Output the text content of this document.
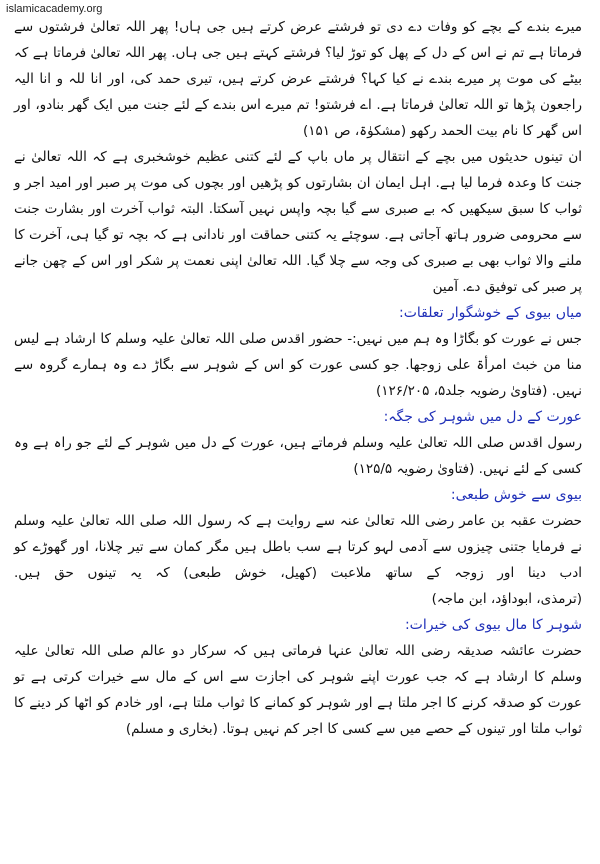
islamicacademy.org

میرے بندے کے بچے کو وفات دے دی تو فرشتے عرض کرتے ہیں جی ہاں! پھر اللہ تعالیٰ فرشتوں سے فرماتا ہے تم نے اس کے دل کے پھل کو توڑ لیا؟ فرشتے کہتے ہیں جی ہاں. پھر اللہ تعالیٰ فرماتا ہے کہ بیٹے کی موت پر میرے بندے نے کیا کہا؟ فرشتے عرض کرتے ہیں، تیری حمد کی، اور انا للہ و انا الیہ راجعون پڑھا تو اللہ تعالیٰ فرماتا ہے. اے فرشتو! تم میرے اس بندے کے لئے جنت میں ایک گھر بنادو، اور اس گھر کا نام بیت الحمد رکھو (مشکوٰۃ، ص ۱۵۱)

ان تینوں حدیثوں میں بچے کے انتقال پر ماں باپ کے لئے کتنی عظیم خوشخبری ہے کہ اللہ تعالیٰ نے جنت کا وعدہ فرما لیا ہے. اہل ایمان ان بشارتوں کو پڑھیں اور بچوں کی موت پر صبر اور امید اجر و ثواب کا سبق سیکھیں کہ بے صبری سے گیا بچہ واپس نہیں آسکتا. البتہ ثواب آخرت اور بشارت جنت سے محرومی ضرور ہاتھ آجاتی ہے. سوچئے یہ کتنی حماقت اور نادانی ہے کہ بچہ تو گیا ہی، آخرت کا ملنے والا ثواب بھی بے صبری کی وجہ سے چلا گیا. اللہ تعالیٰ اپنی نعمت پر شکر اور اس کے چھن جانے پر صبر کی توفیق دے. آمین

میاں بیوی کے خوشگوار تعلقات:

جس نے عورت کو بگاڑا وہ ہم میں نہیں:- حضور اقدس صلی اللہ تعالیٰ علیہ وسلم کا ارشاد ہے لیس منا من خبث امرأۃ علی زوجھا. جو کسی عورت کو اس کے شوہر سے بگاڑ دے وہ ہمارے گروہ سے نہیں. (فتاویٰ رضویہ جلد۵، ۱۲۶/۲۰۵)

عورت کے دل میں شوہر کی جگہ:

رسول اقدس صلی اللہ تعالیٰ علیہ وسلم فرماتے ہیں، عورت کے دل میں شوہر کے لئے جو راہ ہے وہ کسی کے لئے نہیں. (فتاویٰ رضویہ ۱۲۵/۵)

بیوی سے خوش طبعی:

حضرت عقبہ بن عامر رضی اللہ تعالیٰ عنہ سے روایت ہے کہ رسول اللہ صلی اللہ تعالیٰ علیہ وسلم نے فرمایا جتنی چیزوں سے آدمی لہو کرتا ہے سب باطل ہیں مگر کمان سے تیر چلانا، اور گھوڑے کو ادب دینا اور زوجہ کے ساتھ ملاعبت (کھیل، خوش طبعی) کہ یہ تینوں حق ہیں. (ترمذی، ابوداؤد، ابن ماجہ)

شوہر کا مال بیوی کی خیرات:

حضرت عائشہ صدیقہ رضی اللہ تعالیٰ عنہا فرماتی ہیں کہ سرکار دو عالم صلی اللہ تعالیٰ علیہ وسلم کا ارشاد ہے کہ جب عورت اپنے شوہر کی اجازت سے اس کے مال سے خیرات کرتی ہے تو عورت کو صدقہ کرنے کا اجر ملتا ہے اور شوہر کو کمانے کا ثواب ملتا ہے، اور خادم کو اٹھا کر دینے کا ثواب ملتا اور تینوں کے حصے میں سے کسی کا اجر کم نہیں ہوتا. (بخاری و مسلم)
